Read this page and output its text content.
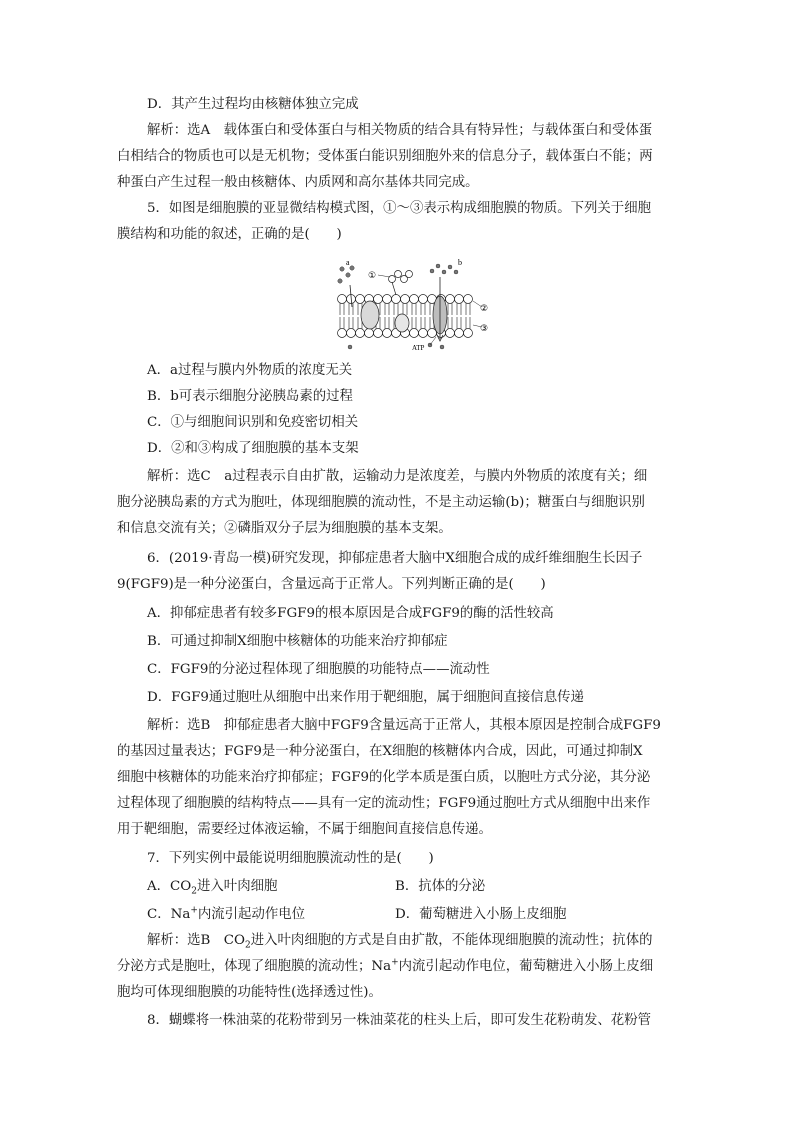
D．其产生过程均由核糖体独立完成
解析：选A　载体蛋白和受体蛋白与相关物质的结合具有特异性；与载体蛋白和受体蛋
白相结合的物质也可以是无机物；受体蛋白能识别细胞外来的信息分子，载体蛋白不能；两
种蛋白产生过程一般由核糖体、内质网和高尔基体共同完成。
5．如图是细胞膜的亚显微结构模式图，①～③表示构成细胞膜的物质。下列关于细胞
膜结构和功能的叙述，正确的是(　　)
a	b
①
②
③
ATP
A．a过程与膜内外物质的浓度无关
B．b可表示细胞分泌胰岛素的过程
C．①与细胞间识别和免疫密切相关
D．②和③构成了细胞膜的基本支架
解析：选C　a过程表示自由扩散，运输动力是浓度差，与膜内外物质的浓度有关；细
胞分泌胰岛素的方式为胞吐，体现细胞膜的流动性，不是主动运输(b)；糖蛋白与细胞识别
和信息交流有关；②磷脂双分子层为细胞膜的基本支架。
6．(2019·青岛一模)研究发现，抑郁症患者大脑中X细胞合成的成纤维细胞生长因子
9(FGF9)是一种分泌蛋白，含量远高于正常人。下列判断正确的是(　　)
A．抑郁症患者有较多FGF9的根本原因是合成FGF9的酶的活性较高
B．可通过抑制X细胞中核糖体的功能来治疗抑郁症
C．FGF9的分泌过程体现了细胞膜的功能特点——流动性
D．FGF9通过胞吐从细胞中出来作用于靶细胞，属于细胞间直接信息传递
解析：选B　抑郁症患者大脑中FGF9含量远高于正常人，其根本原因是控制合成FGF9
的基因过量表达；FGF9是一种分泌蛋白，在X细胞的核糖体内合成，因此，可通过抑制X
细胞中核糖体的功能来治疗抑郁症；FGF9的化学本质是蛋白质，以胞吐方式分泌，其分泌
过程体现了细胞膜的结构特点——具有一定的流动性；FGF9通过胞吐方式从细胞中出来作
用于靶细胞，需要经过体液运输，不属于细胞间直接信息传递。
7．下列实例中最能说明细胞膜流动性的是(　　)
A．$CO_2$进入叶肉细胞	B．抗体的分泌
C．Na+内流引起动作电位	D．葡萄糖进入小肠上皮细胞
解析：选B　$CO_2$进入叶肉细胞的方式是自由扩散，不能体现细胞膜的流动性；抗体的
分泌方式是胞吐，体现了细胞膜的流动性；Na+内流引起动作电位，葡萄糖进入小肠上皮细
胞均可体现细胞膜的功能特性(选择透过性)。
8．蝴蝶将一株油菜的花粉带到另一株油菜花的柱头上后，即可发生花粉萌发、花粉管
